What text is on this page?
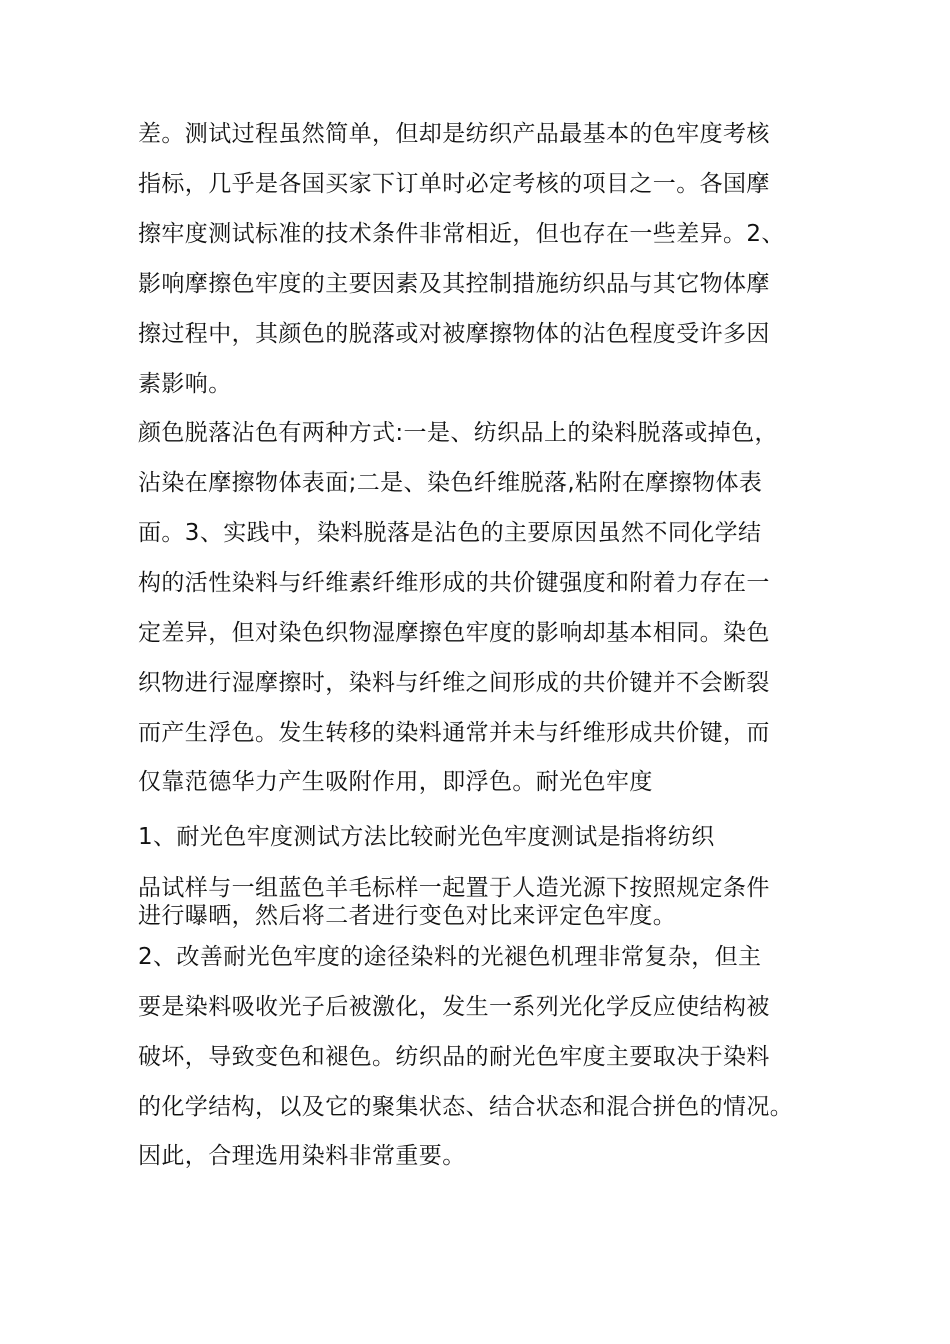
差。测试过程虽然简单，但却是纺织产品最基本的色牢度考核
指标，几乎是各国买家下订单时必定考核的项目之一。各国摩
擦牢度测试标准的技术条件非常相近，但也存在一些差异。2、
影响摩擦色牢度的主要因素及其控制措施纺织品与其它物体摩
擦过程中，其颜色的脱落或对被摩擦物体的沾色程度受许多因
素影响。
颜色脱落沾色有两种方式:一是、纺织品上的染料脱落或掉色，
沾染在摩擦物体表面;二是、染色纤维脱落,粘附在摩擦物体表
面。3、实践中，染料脱落是沾色的主要原因虽然不同化学结
构的活性染料与纤维素纤维形成的共价键强度和附着力存在一
定差异，但对染色织物湿摩擦色牢度的影响却基本相同。染色
织物进行湿摩擦时，染料与纤维之间形成的共价键并不会断裂
而产生浮色。发生转移的染料通常并未与纤维形成共价键，而
仅靠范德华力产生吸附作用，即浮色。耐光色牢度
1、耐光色牢度测试方法比较耐光色牢度测试是指将纺织
品试样与一组蓝色羊毛标样一起置于人造光源下按照规定条件
进行曝晒，然后将二者进行变色对比来评定色牢度。
2、改善耐光色牢度的途径染料的光褪色机理非常复杂，但主
要是染料吸收光子后被激化，发生一系列光化学反应使结构被
破坏，导致变色和褪色。纺织品的耐光色牢度主要取决于染料
的化学结构，以及它的聚集状态、结合状态和混合拼色的情况。
因此，合理选用染料非常重要。
